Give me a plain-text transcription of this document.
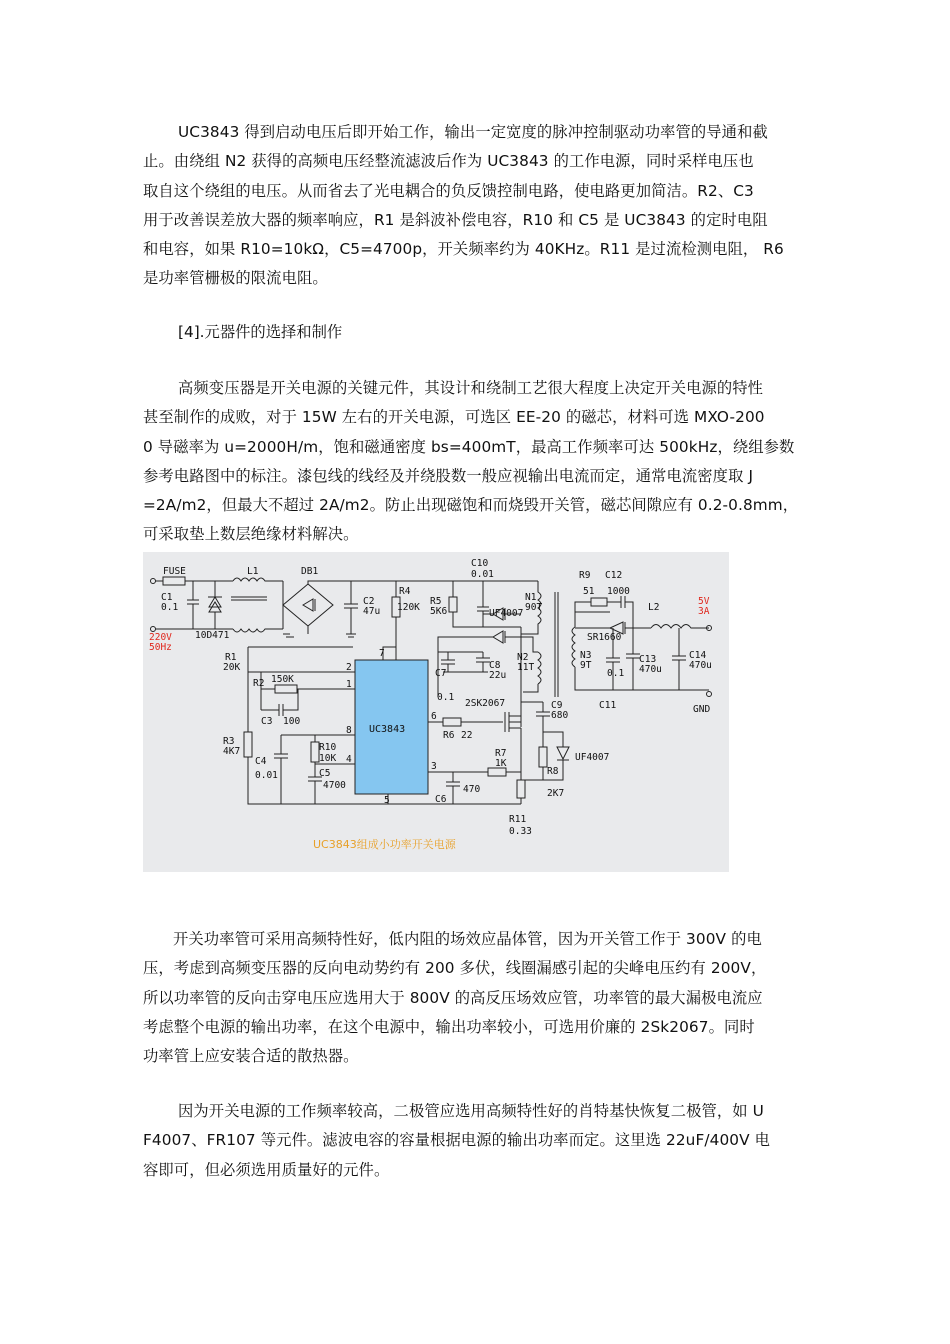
UC3843 得到启动电压后即开始工作，输出一定宽度的脉冲控制驱动功率管的导通和截
止。由绕组 N2 获得的高频电压经整流滤波后作为 UC3843 的工作电源，同时采样电压也
取自这个绕组的电压。从而省去了光电耦合的负反馈控制电路，使电路更加简洁。R2、C3
用于改善误差放大器的频率响应，R1 是斜波补偿电容，R10 和 C5 是 UC3843 的定时电阻
和电容，如果 R10=10kΩ，C5=4700p，开关频率约为 40KHz。R11 是过流检测电阻， R6
是功率管栅极的限流电阻。

[4].元器件的选择和制作

高频变压器是开关电源的关键元件，其设计和绕制工艺很大程度上决定开关电源的特性
甚至制作的成败，对于 15W 左右的开关电源，可选区 EE-20 的磁芯，材料可选 MXO-200
0 导磁率为 u=2000H/m，饱和磁通密度 bs=400mT，最高工作频率可达 500kHz，绕组参数
参考电路图中的标注。漆包线的线经及并绕股数一般应视输出电流而定，通常电流密度取 J
=2A/m2，但最大不超过 2A/m2。防止出现磁饱和而烧毁开关管，磁芯间隙应有 0.2-0.8mm，
可采取垫上数层绝缘材料解决。
FUSE
C1
0.1
220V
50Hz
10D471
L1	DB1
C2
47u
R4
120K
R5
5K6
C10
0.01
UF4007
N1
90T
R9
51
C12
1000
L2
5V
3A
SR1660
N2
11T
N3
9T
C13
470u
C14
470u
0.1
C11	GND
R1
20K
R2 150K
C3 100
R3
4K7
C4
0.01
R10
10K
C5
4700
C7
0.1
C8
22u
2SK2067
R6 22
C9
680
R7
1K
R8
2K7
UF4007
C6
470
R11
0.33
7
2
1
8
4
6
3
5
UC3843
UC3843组成小功率开关电源
开关功率管可采用高频特性好，低内阻的场效应晶体管，因为开关管工作于 300V 的电
压，考虑到高频变压器的反向电动势约有 200 多伏，线圈漏感引起的尖峰电压约有 200V，
所以功率管的反向击穿电压应选用大于 800V 的高反压场效应管，功率管的最大漏极电流应
考虑整个电源的输出功率，在这个电源中，输出功率较小，可选用价廉的 2Sk2067。同时
功率管上应安装合适的散热器。
因为开关电源的工作频率较高，二极管应选用高频特性好的肖特基快恢复二极管，如 U
F4007、FR107 等元件。滤波电容的容量根据电源的输出功率而定。这里选 22uF/400V 电
容即可，但必须选用质量好的元件。
